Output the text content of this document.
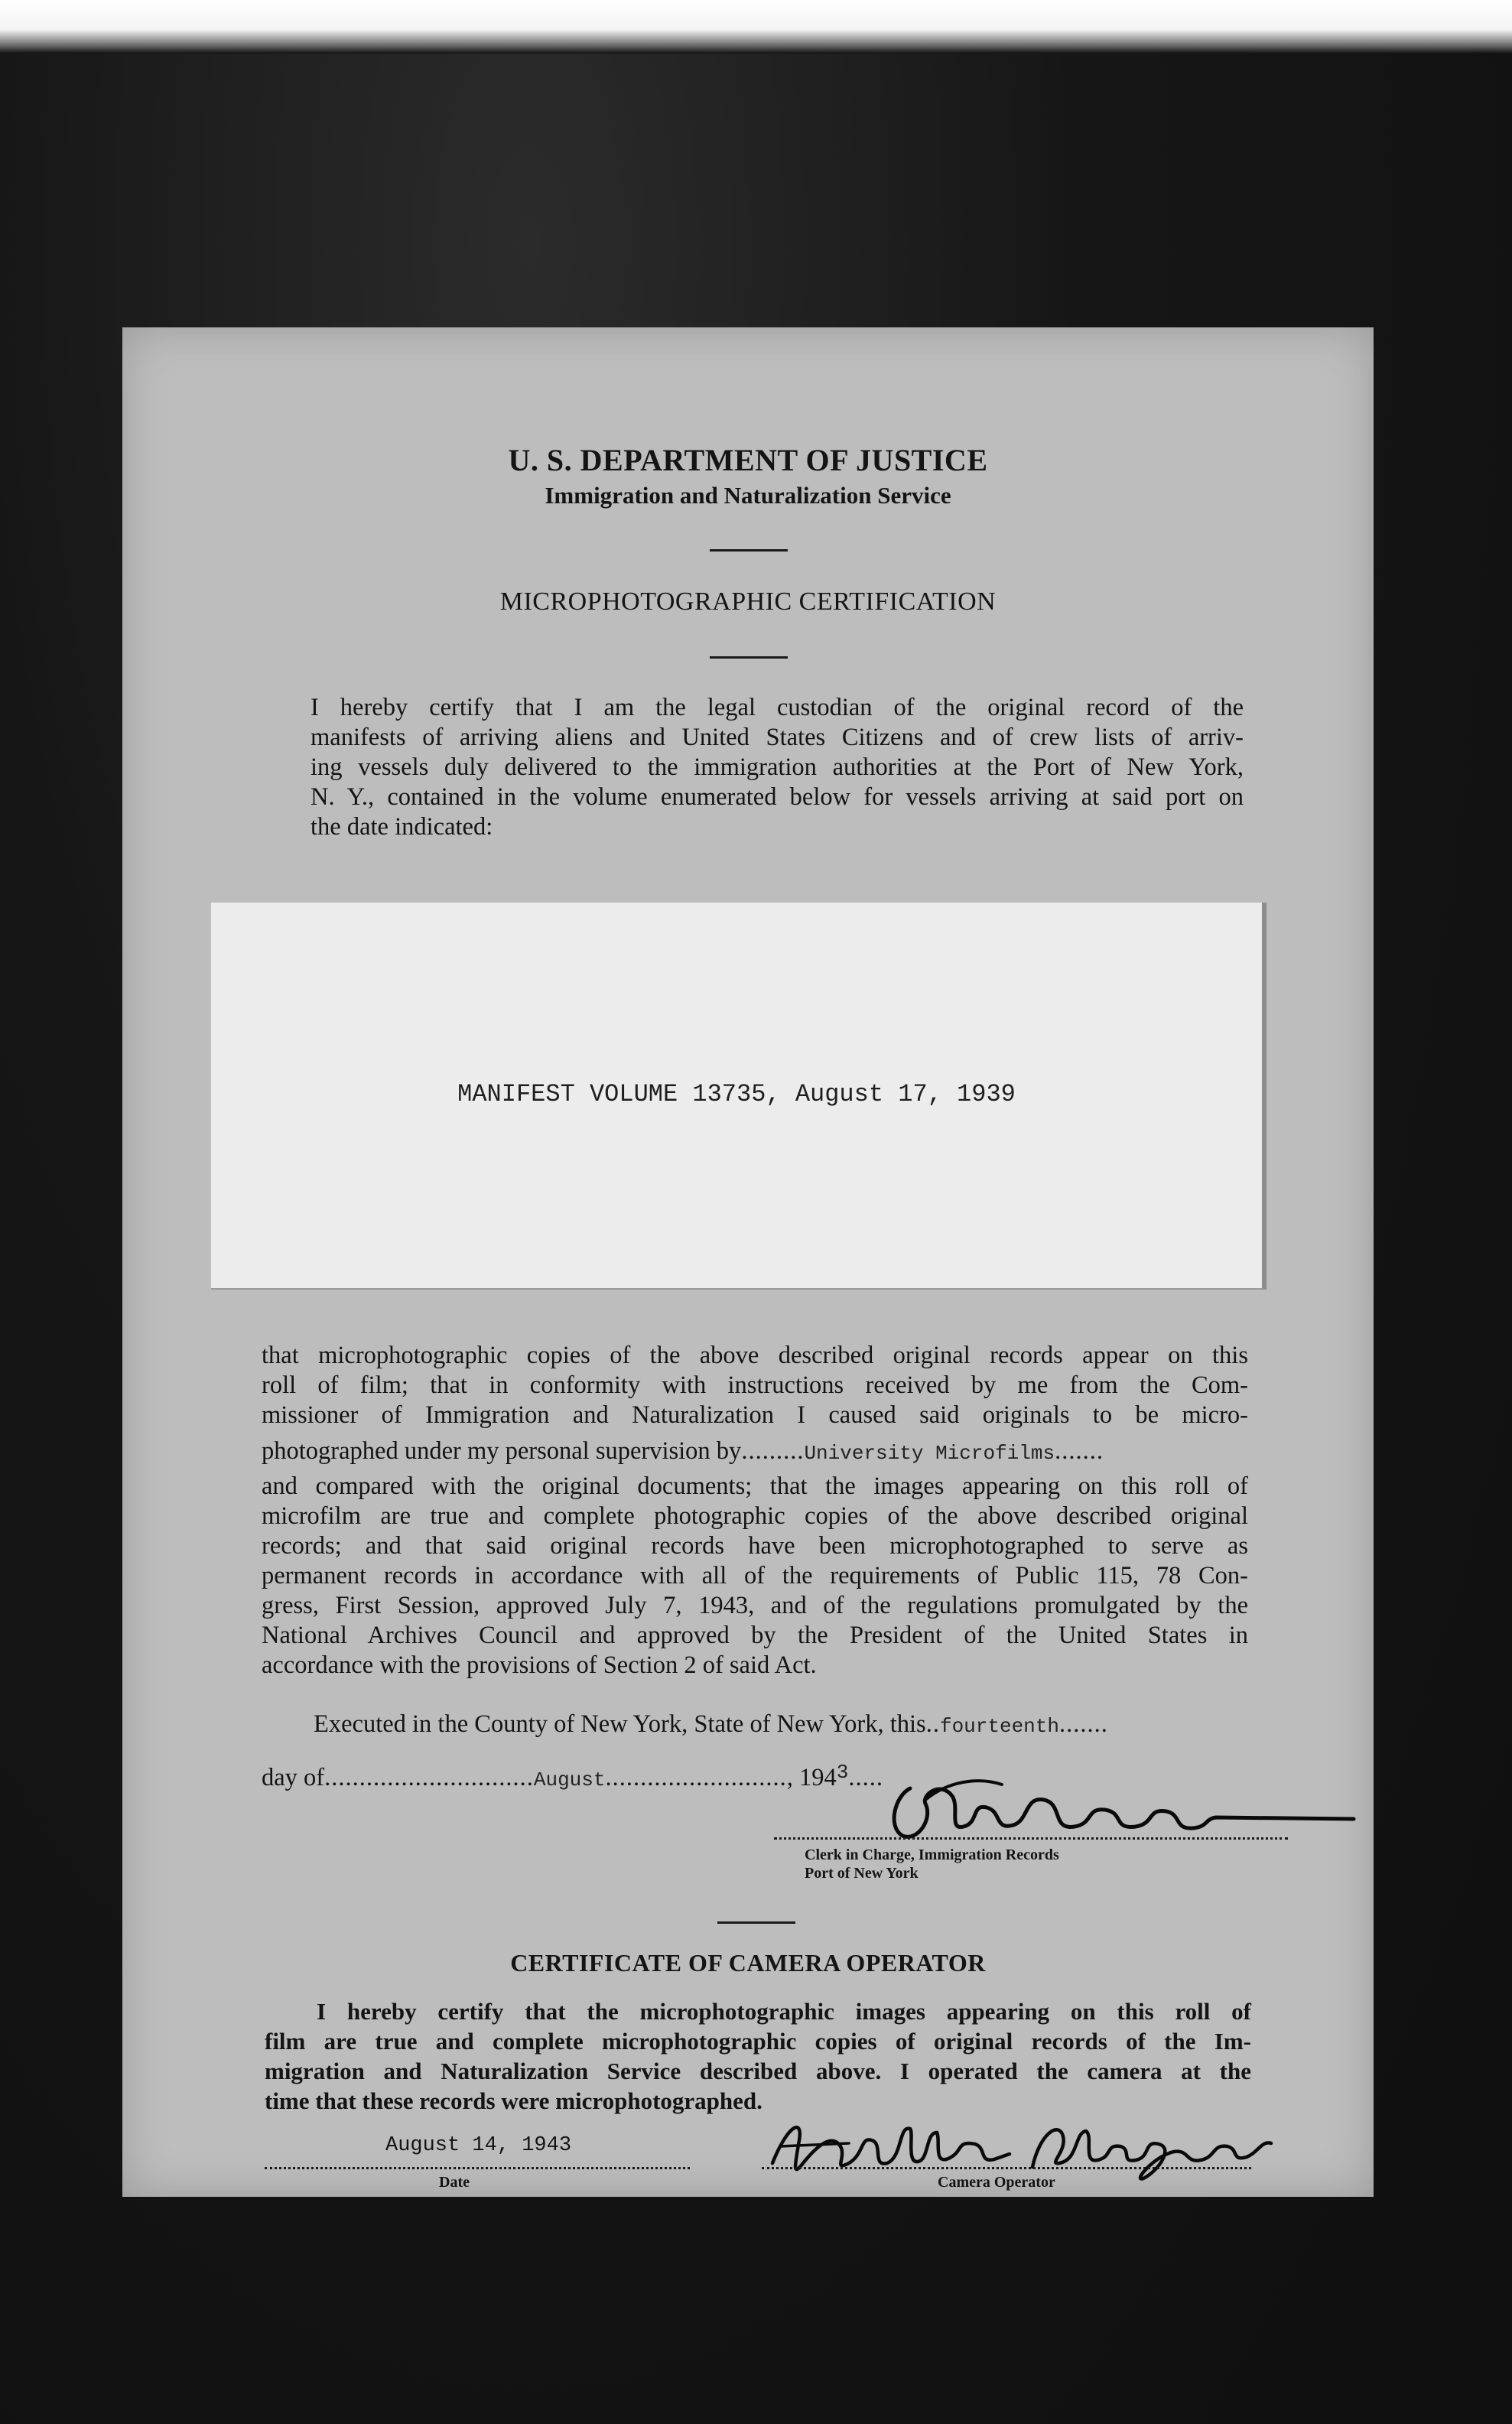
U. S. DEPARTMENT OF JUSTICE

Immigration and Naturalization Service

MICROPHOTOGRAPHIC CERTIFICATION

I hereby certify that I am the legal custodian of the original record of the
manifests of arriving aliens and United States Citizens and of crew lists of arriv-
ing vessels duly delivered to the immigration authorities at the Port of New York,
N. Y., contained in the volume enumerated below for vessels arriving at said port on
the date indicated:
MANIFEST VOLUME 13735, August 17, 1939
that microphotographic copies of the above described original records appear on this
roll of film; that in conformity with instructions received by me from the Com-
missioner of Immigration and Naturalization I caused said originals to be micro-
photographed under my personal supervision by.........University Microfilms.......
and compared with the original documents; that the images appearing on this roll of
microfilm are true and complete photographic copies of the above described original
records; and that said original records have been microphotographed to serve as
permanent records in accordance with all of the requirements of Public 115, 78 Con-
gress, First Session, approved July 7, 1943, and of the regulations promulgated by the
National Archives Council and approved by the President of the United States in
accordance with the provisions of Section 2 of said Act.

Executed in the County of New York, State of New York, this..fourteenth.......

day of..............................August.........................., $194^3$.....

Clerk in Charge, Immigration Records
Port of New York

CERTIFICATE OF CAMERA OPERATOR

I hereby certify that the microphotographic images appearing on this roll of
film are true and complete microphotographic copies of original records of the Im-
migration and Naturalization Service described above. I operated the camera at the
time that these records were microphotographed.

August 14, 1943

Date	Camera Operator
